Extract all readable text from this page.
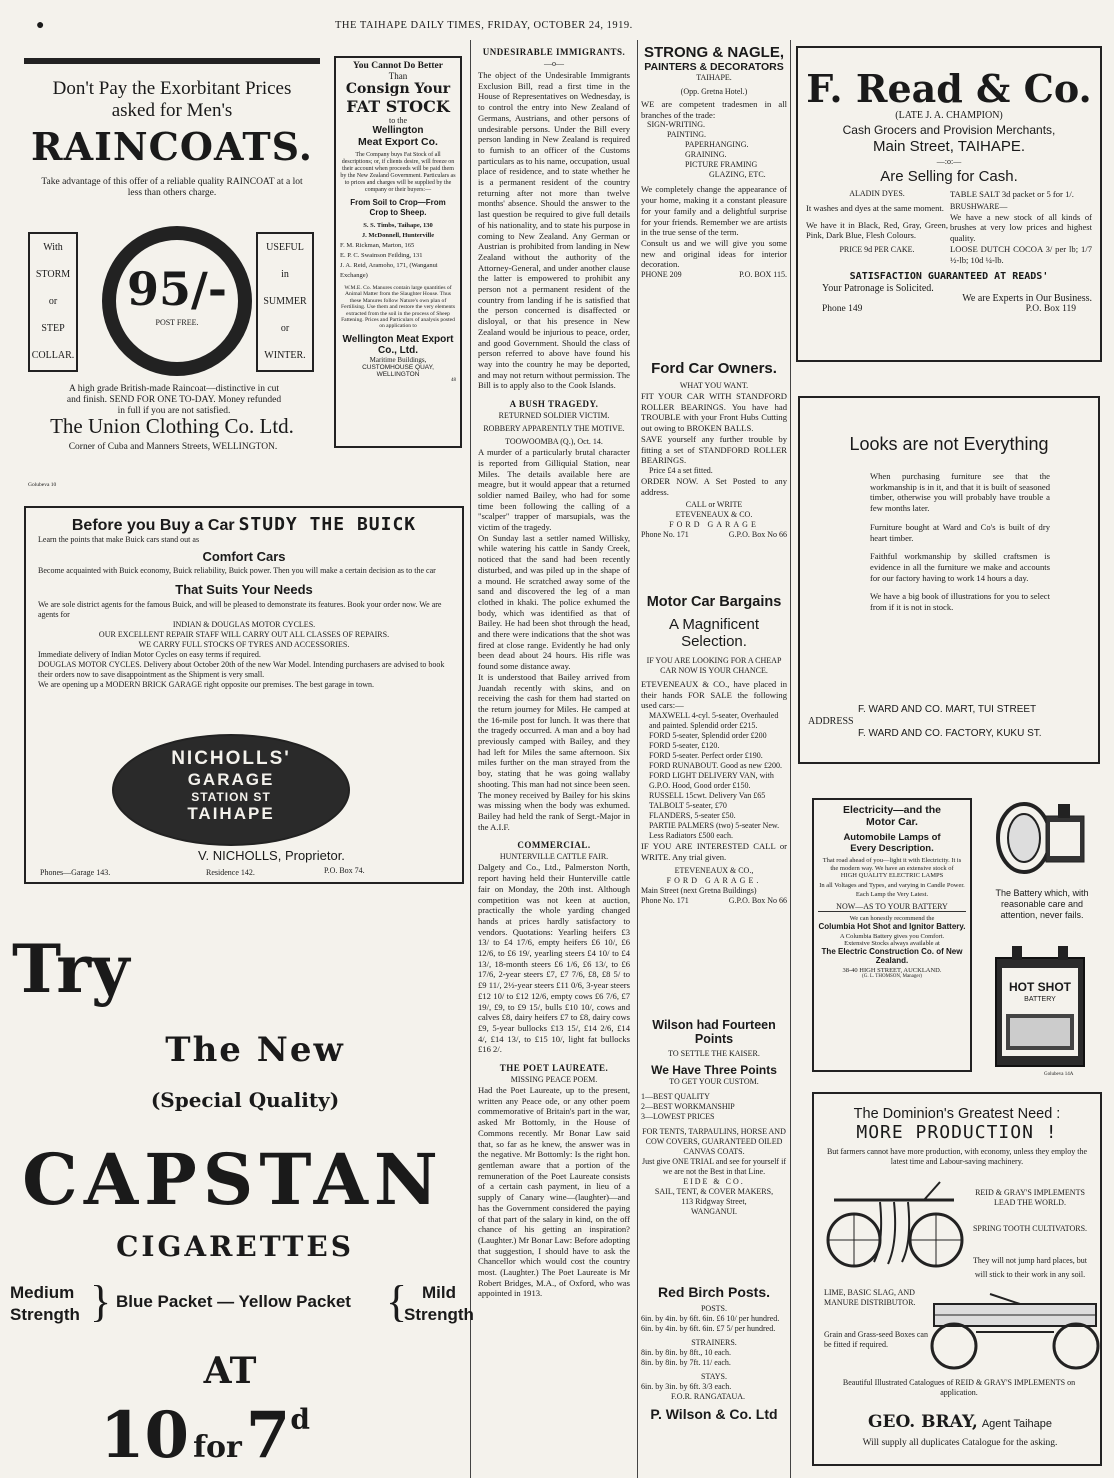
●	THE TAIHAPE DAILY TIMES, FRIDAY, OCTOBER 24, 1919.
Don't Pay the Exorbitant Prices
asked for Men's
RAINCOATS.
Take advantage of this offer of a reliable quality RAINCOAT at a lot less than others charge.
With
STORM
or
STEP
COLLAR.
95/-
POST FREE.
USEFUL
in
SUMMER
or
WINTER.
A high grade British-made Raincoat—distinctive in cut and finish. SEND FOR ONE TO-DAY. Money refunded in full if you are not satisfied.
The Union Clothing Co. Ltd.
Corner of Cuba and Manners Streets, WELLINGTON.
Golubeva 10
You Cannot Do Better
Than
Consign Your
FAT STOCK
to the
Wellington
Meat Export Co.
The Company buys Fat Stock of all descriptions; or, if clients desire, will freeze on their account when proceeds will be paid them by the New Zealand Government. Particulars as to prices and charges will be supplied by the company or their buyers:—
From Soil to Crop—From Crop to Sheep.
S. S. Timbs, Taihape, 130
J. McDonnell, Hunterville
F. M. Rickman, Marton, 165
E. P. C. Swainson Feilding, 131
J. A. Reid, Aramoho, 171, (Wanganui Exchange)
W.M.E. Co. Manures contain large quantities of Animal Matter from the Slaughter House. Thus these Manures follow Nature's own plan of Fertilising. Use them and restore the very elements extracted from the soil in the process of Sheep Fattening. Prices and Particulars of analysis posted on application to
Wellington Meat Export Co., Ltd.
Maritime Buildings,
CUSTOMHOUSE QUAY, WELLINGTON
48
Before you Buy a Car STUDY THE BUICK
Learn the points that make Buick cars stand out as
Comfort Cars
Become acquainted with Buick economy, Buick reliability, Buick power. Then you will make a certain decision as to the car
That Suits Your Needs
We are sole district agents for the famous Buick, and will be pleased to demonstrate its features. Book your order now. We are agents for
INDIAN & DOUGLAS MOTOR CYCLES.
OUR EXCELLENT REPAIR STAFF WILL CARRY OUT ALL CLASSES OF REPAIRS.
WE CARRY FULL STOCKS OF TYRES AND ACCESSORIES.
Immediate delivery of Indian Motor Cycles on easy terms if required.
DOUGLAS MOTOR CYCLES. Delivery about October 20th of the new War Model. Intending purchasers are advised to book their orders now to save disappointment as the Shipment is very small.
We are opening up a MODERN BRICK GARAGE right opposite our premises. The best garage in town.
NICHOLLS'
GARAGE
STATION ST
TAIHAPE
V. NICHOLLS, Proprietor.
Phones—Garage 143.	Residence 142.	P.O. Box 74.
Try
The New
(Special Quality)
CAPSTAN
CIGARETTES
Medium
Strength } Blue Packet — Yellow Packet { Mild
Strength
AT
10 for 7$^d$
UNDESIRABLE IMMIGRANTS.
—o—
The object of the Undesirable Immigrants Exclusion Bill, read a first time in the House of Representatives on Wednesday, is to control the entry into New Zealand of Germans, Austrians, and other persons of undesirable persons. Under the Bill every person landing in New Zealand is required to furnish to an officer of the Customs particulars as to his name, occupation, usual place of residence, and to state whether he is a permanent resident of the country returning after not more than twelve months' absence. Should the answer to the last question be required to give full details of his nationality, and to state his purpose in coming to New Zealand. Any German or Austrian is prohibited from landing in New Zealand without the authority of the Attorney-General, and under another clause the latter is empowered to prohibit any person not a permanent resident of the country from landing if he is satisfied that the person concerned is disaffected or disloyal, or that his presence in New Zealand would be injurious to peace, order, and good Government. Should the class of person referred to above have found his way into the country he may be deported, and may not return without permission. The Bill is to apply also to the Cook Islands.
A BUSH TRAGEDY.
RETURNED SOLDIER VICTIM.
ROBBERY APPARENTLY THE MOTIVE.
TOOWOOMBA (Q.), Oct. 14.
A murder of a particularly brutal character is reported from Gilliquial Station, near Miles. The details available here are meagre, but it would appear that a returned soldier named Bailey, who had for some time been following the calling of a "scalper" trapper of marsupials, was the victim of the tragedy.
On Sunday last a settler named Willisky, while watering his cattle in Sandy Creek, noticed that the sand had been recently disturbed, and was piled up in the shape of a mound. He scratched away some of the sand and discovered the leg of a man clothed in khaki. The police exhumed the body, which was identified as that of Bailey. He had been shot through the head, and there were indications that the shot was fired at close range. Evidently he had only been dead about 24 hours. His rifle was found some distance away.
It is understood that Bailey arrived from Juandah recently with skins, and on receiving the cash for them had started on the return journey for Miles. He camped at the 16-mile post for lunch. It was there that the tragedy occurred. A man and a boy had previously camped with Bailey, and they had left for Miles the same afternoon. Six miles further on the man strayed from the boy, stating that he was going wallaby shooting. This man had not since been seen. The money received by Bailey for his skins was missing when the body was exhumed. Bailey had held the rank of Sergt.-Major in the A.I.F.
COMMERCIAL.
HUNTERVILLE CATTLE FAIR.
Dalgety and Co., Ltd., Palmerston North, report having held their Hunterville cattle fair on Monday, the 20th inst. Although competition was not keen at auction, practically the whole yarding changed hands at prices hardly satisfactory to vendors. Quotations: Yearling heifers £3 13/ to £4 17/6, empty heifers £6 10/, £6 12/6, to £6 19/, yearling steers £4 10/ to £4 13/, 18-month steers £6 1/6, £6 13/, to £6 17/6, 2-year steers £7, £7 7/6, £8, £8 5/ to £9 11/, 2½-year steers £11 0/6, 3-year steers £12 10/ to £12 12/6, empty cows £6 7/6, £7 19/, £9, to £9 15/, bulls £10 10/, cows and calves £8, dairy heifers £7 to £8, dairy cows £9, 5-year bullocks £13 15/, £14 2/6, £14 4/, £14 13/, to £15 10/, light fat bullocks £16 2/.
THE POET LAUREATE.
MISSING PEACE POEM.
Had the Poet Laureate, up to the present, written any Peace ode, or any other poem commemorative of Britain's part in the war, asked Mr Bottomly, in the House of Commons recently. Mr Bonar Law said that, so far as he knew, the answer was in the negative. Mr Bottomly: Is the right hon. gentleman aware that a portion of the remuneration of the Poet Laureate consists of a certain cash payment, in lieu of a supply of Canary wine—(laughter)—and has the Government considered the paying of that part of the salary in kind, on the off chance of his getting an inspiration? (Laughter.) Mr Bonar Law: Before adopting that suggestion, I should have to ask the Chancellor which would cost the country most. (Laughter.) The Poet Laureate is Mr Robert Bridges, M.A., of Oxford, who was appointed in 1913.
STRONG & NAGLE,
PAINTERS & DECORATORS
TAIHAPE.
(Opp. Gretna Hotel.)
WE are competent tradesmen in all branches of the trade:
SIGN-WRITING.
PAINTING.
PAPERHANGING.
GRAINING.
PICTURE FRAMING
GLAZING, ETC.
We completely change the appearance of your home, making it a constant pleasure for your family and a delightful surprise for your friends. Remember we are artists in the true sense of the term.
Consult us and we will give you some new and original ideas for interior decoration.
PHONE 209	P.O. BOX 115.
Ford Car Owners.
WHAT YOU WANT.
FIT YOUR CAR WITH STANDFORD ROLLER BEARINGS. You have had TROUBLE with your Front Hubs Cutting out owing to BROKEN BALLS.
SAVE yourself any further trouble by fitting a set of STANDFORD ROLLER BEARINGS.
Price £4 a set fitted.
ORDER NOW. A Set Posted to any address.
CALL or WRITE
ETEVENEAUX & CO.
FORD GARAGE
Phone No. 171	G.P.O. Box No 66
Motor Car Bargains
A Magnificent
Selection.
IF YOU ARE LOOKING FOR A CHEAP CAR NOW IS YOUR CHANCE.
ETEVENEAUX & CO., have placed in their hands FOR SALE the following used cars:—
MAXWELL 4-cyl. 5-seater, Overhauled and painted. Splendid order £215.
FORD 5-seater, Splendid order £200
FORD 5-seater, £120.
FORD 5-seater. Perfect order £190.
FORD RUNABOUT. Good as new £200.
FORD LIGHT DELIVERY VAN, with G.P.O. Hood, Good order £150.
RUSSELL 15cwt. Delivery Van £65
TALBOLT 5-seater, £70
FLANDERS, 5-seater £50.
PARTIE PALMERS (two) 5-seater New. Less Radiators £500 each.
IF YOU ARE INTERESTED CALL or WRITE. Any trial given.
ETEVENEAUX & CO.,
FORD GARAGE.
Main Street (next Gretna Buildings)
Phone No. 171	G.P.O. Box No 66
Wilson had Fourteen
Points
TO SETTLE THE KAISER.
We Have Three Points
TO GET YOUR CUSTOM.
1—BEST QUALITY
2—BEST WORKMANSHIP
3—LOWEST PRICES
FOR TENTS, TARPAULINS, HORSE AND COW COVERS, GUARANTEED OILED CANVAS COATS.
Just give ONE TRIAL and see for yourself if we are not the Best in that Line.
EIDE & CO.
SAIL, TENT, & COVER MAKERS,
113 Ridgway Street,
WANGANUI.
Red Birch Posts.
POSTS.
6in. by 4in. by 6ft. 6in. £6 10/ per hundred.
6in. by 4in. by 6ft. 6in. £7 5/ per hundred.
STRAINERS.
8in. by 8in. by 8ft., 10 each.
8in. by 8in. by 7ft. 11/ each.
STAYS.
6in. by 3in. by 6ft. 3/3 each.
F.O.R. RANGATAUA.
P. Wilson & Co. Ltd
F. Read & Co.
(LATE J. A. CHAMPION)
Cash Grocers and Provision Merchants,
Main Street, TAIHAPE.
—:o:—
Are Selling for Cash.
ALADIN DYES.
It washes and dyes at the same moment.
We have it in Black, Red, Gray, Green, Pink, Dark Blue, Flesh Colours.
PRICE 9d PER CAKE.
TABLE SALT 3d packet or 5 for 1/.
BRUSHWARE—
We have a new stock of all kinds of brushes at very low prices and highest quality.
LOOSE DUTCH COCOA 3/ per lb; 1/7 ½-lb; 10d ¼-lb.
SATISFACTION GUARANTEED AT READS'
Your Patronage is Solicited.
We are Experts in Our Business.
Phone 149	P.O. Box 119
Looks are not Everything
When purchasing furniture see that the workmanship is in it, and that it is built of seasoned timber, otherwise you will probably have trouble a few months later.
Furniture bought at Ward and Co's is built of dry heart timber.
Faithful workmanship by skilled craftsmen is evidence in all the furniture we make and accounts for our factory having to work 14 hours a day.
We have a big book of illustrations for you to select from if it is not in stock.
ADDRESS
F. WARD AND CO. MART, TUI STREET
F. WARD AND CO. FACTORY, KUKU ST.
Electricity—and the
Motor Car.
Automobile Lamps of
Every Description.
That road ahead of you—light it with Electricity. It is the modern way. We have an extensive stock of
HIGH QUALITY ELECTRIC LAMPS
In all Voltages and Types, and varying in Candle Power.
Each Lamp the Very Latest.
NOW—AS TO YOUR BATTERY
We can honestly recommend the
Columbia Hot Shot and Ignitor Battery.
A Columbia Battery gives you Comfort.
Extensive Stocks always available at
The Electric Construction Co. of New Zealand.
38-40 HIGH STREET, AUCKLAND.
(G. L. THOMSON, Manager)
The Battery which, with reasonable care and attention, never fails.
HOT SHOT
BATTERY
Golubeva 14A
The Dominion's Greatest Need :
MORE PRODUCTION !
But farmers cannot have more production, with economy, unless they employ the latest time and Labour-saving machinery.
REID & GRAY'S IMPLEMENTS LEAD THE WORLD.
SPRING TOOTH CULTIVATORS.
They will not jump hard places, but will stick to their work in any soil.
LIME, BASIC SLAG, AND MANURE DISTRIBUTOR.
Grain and Grass-seed Boxes can be fitted if required.
Beautiful Illustrated Catalogues of REID & GRAY'S IMPLEMENTS on application.
GEO. BRAY, Agent Taihape
Will supply all duplicates Catalogue for the asking.
